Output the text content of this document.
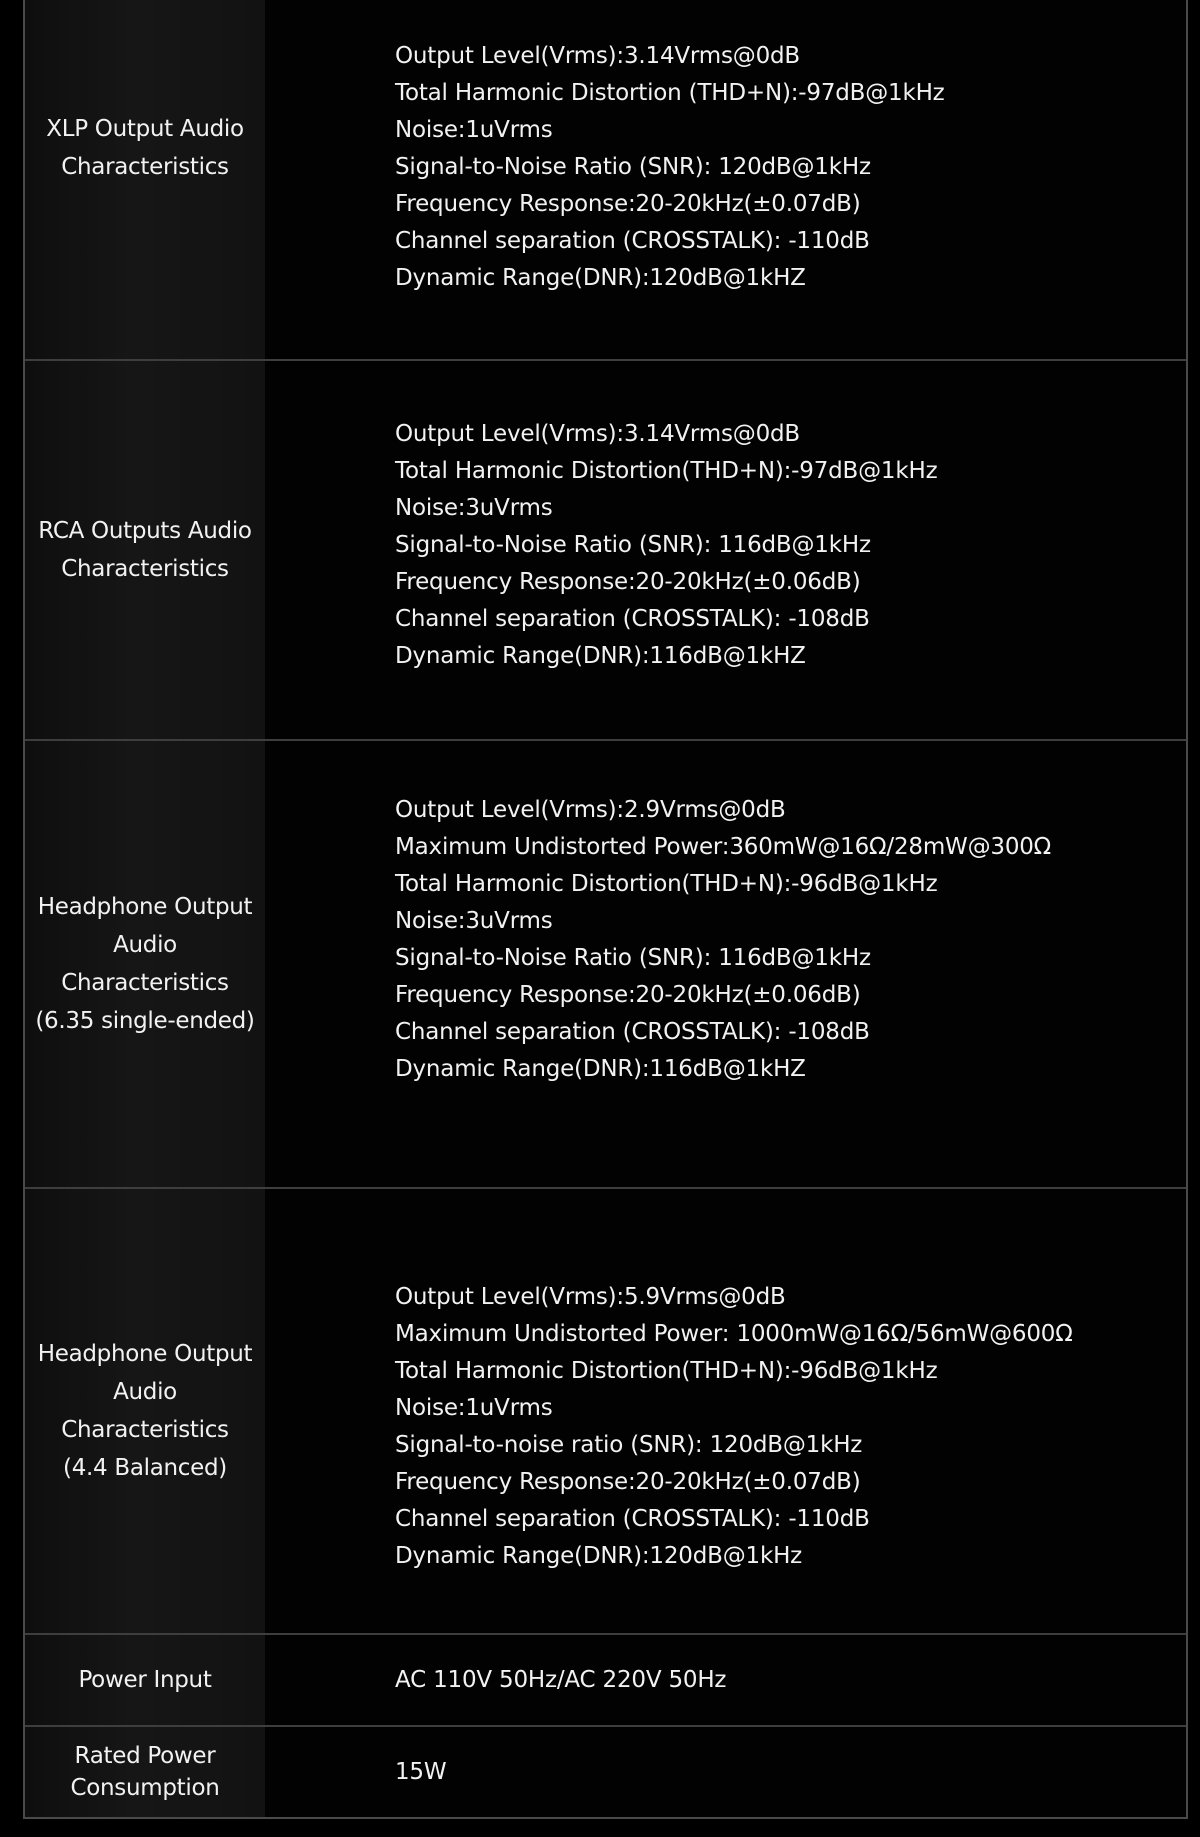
XLP Output Audio
Characteristics
Output Level(Vrms):3.14Vrms@0dB
Total Harmonic Distortion (THD+N):-97dB@1kHz
Noise:1uVrms
Signal-to-Noise Ratio (SNR): 120dB@1kHz
Frequency Response:20-20kHz(±0.07dB)
Channel separation (CROSSTALK): -110dB
Dynamic Range(DNR):120dB@1kHZ
RCA Outputs Audio
Characteristics
Output Level(Vrms):3.14Vrms@0dB
Total Harmonic Distortion(THD+N):-97dB@1kHz
Noise:3uVrms
Signal-to-Noise Ratio (SNR): 116dB@1kHz
Frequency Response:20-20kHz(±0.06dB)
Channel separation (CROSSTALK): -108dB
Dynamic Range(DNR):116dB@1kHZ
Headphone Output
Audio Characteristics
(6.35 single-ended)
Output Level(Vrms):2.9Vrms@0dB
Maximum Undistorted Power:360mW@16Ω/28mW@300Ω
Total Harmonic Distortion(THD+N):-96dB@1kHz
Noise:3uVrms
Signal-to-Noise Ratio (SNR): 116dB@1kHz
Frequency Response:20-20kHz(±0.06dB)
Channel separation (CROSSTALK): -108dB
Dynamic Range(DNR):116dB@1kHZ
Headphone Output
Audio Characteristics
(4.4 Balanced)
Output Level(Vrms):5.9Vrms@0dB
Maximum Undistorted Power: 1000mW@16Ω/56mW@600Ω
Total Harmonic Distortion(THD+N):-96dB@1kHz
Noise:1uVrms
Signal-to-noise ratio (SNR): 120dB@1kHz
Frequency Response:20-20kHz(±0.07dB)
Channel separation (CROSSTALK): -110dB
Dynamic Range(DNR):120dB@1kHz
Power Input	AC 110V 50Hz/AC 220V 50Hz
Rated Power
Consumption
15W
